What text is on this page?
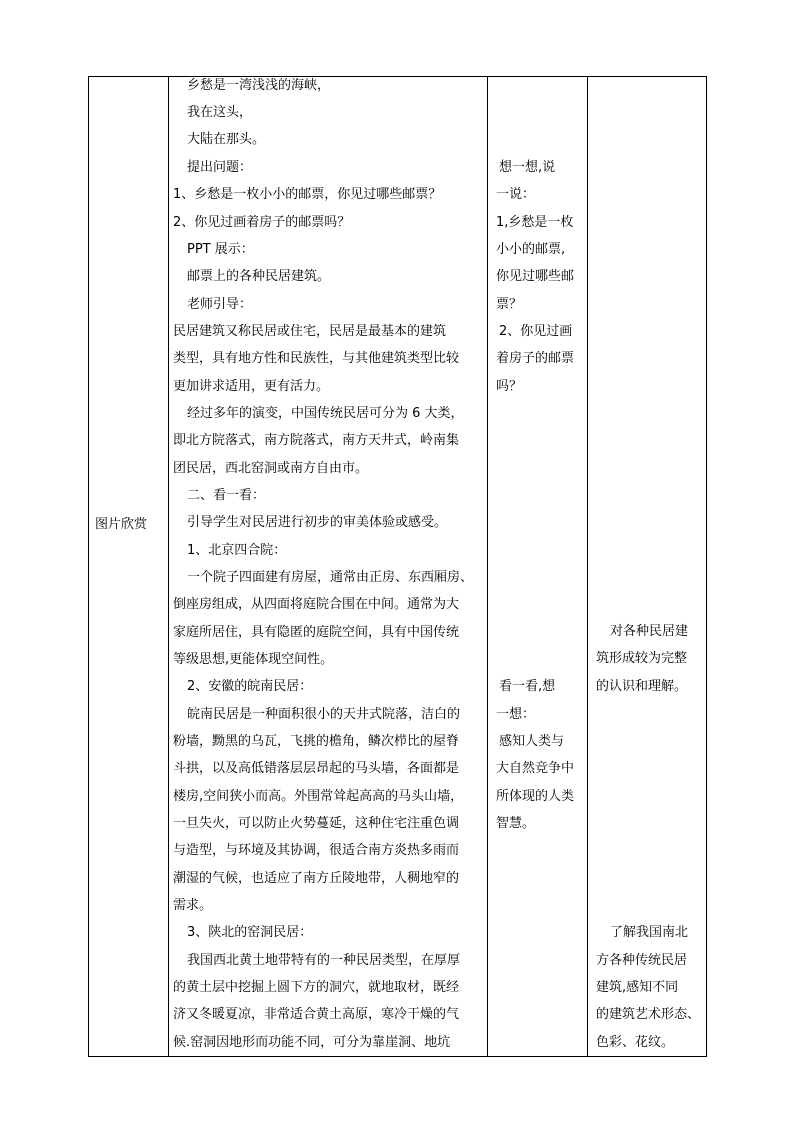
图片欣赏
乡愁是一湾浅浅的海峡，
我在这头，
大陆在那头。
提出问题：
1、乡愁是一枚小小的邮票，你见过哪些邮票？
2、你见过画着房子的邮票吗？
PPT 展示：
邮票上的各种民居建筑。
老师引导：
民居建筑又称民居或住宅，民居是最基本的建筑
类型，具有地方性和民族性，与其他建筑类型比较
更加讲求适用，更有活力。
经过多年的演变，中国传统民居可分为 6 大类，
即北方院落式，南方院落式，南方天井式，岭南集
团民居，西北窑洞或南方自由市。
二、看一看：
引导学生对民居进行初步的审美体验或感受。
1、北京四合院：
一个院子四面建有房屋，通常由正房、东西厢房、
倒座房组成，从四面将庭院合围在中间。通常为大
家庭所居住，具有隐匿的庭院空间，具有中国传统
等级思想,更能体现空间性。
2、安徽的皖南民居：
皖南民居是一种面积很小的天井式院落，洁白的
粉墙，黝黑的乌瓦，飞挑的檐角，鳞次栉比的屋脊
斗拱，以及高低错落层层昂起的马头墙，各面都是
楼房,空间狭小而高。外围常耸起高高的马头山墙，
一旦失火，可以防止火势蔓延，这种住宅注重色调
与造型，与环境及其协调，很适合南方炎热多雨而
潮湿的气候，也适应了南方丘陵地带，人稠地窄的
需求。
3、陕北的窑洞民居：
我国西北黄土地带特有的一种民居类型，在厚厚
的黄土层中挖掘上圆下方的洞穴，就地取材，既经
济又冬暖夏凉，非常适合黄土高原，寒冷干燥的气
候.窑洞因地形而功能不同，可分为靠崖洞、地坑
想一想,说
一说：
1,乡愁是一枚
小小的邮票,
你见过哪些邮
票？
2、你见过画
着房子的邮票
吗？
看一看,想
一想：
感知人类与
大自然竞争中
所体现的人类
智慧。
对各种民居建
筑形成较为完整
的认识和理解。
了解我国南北
方各种传统民居
建筑,感知不同
的建筑艺术形态、
色彩、花纹。
